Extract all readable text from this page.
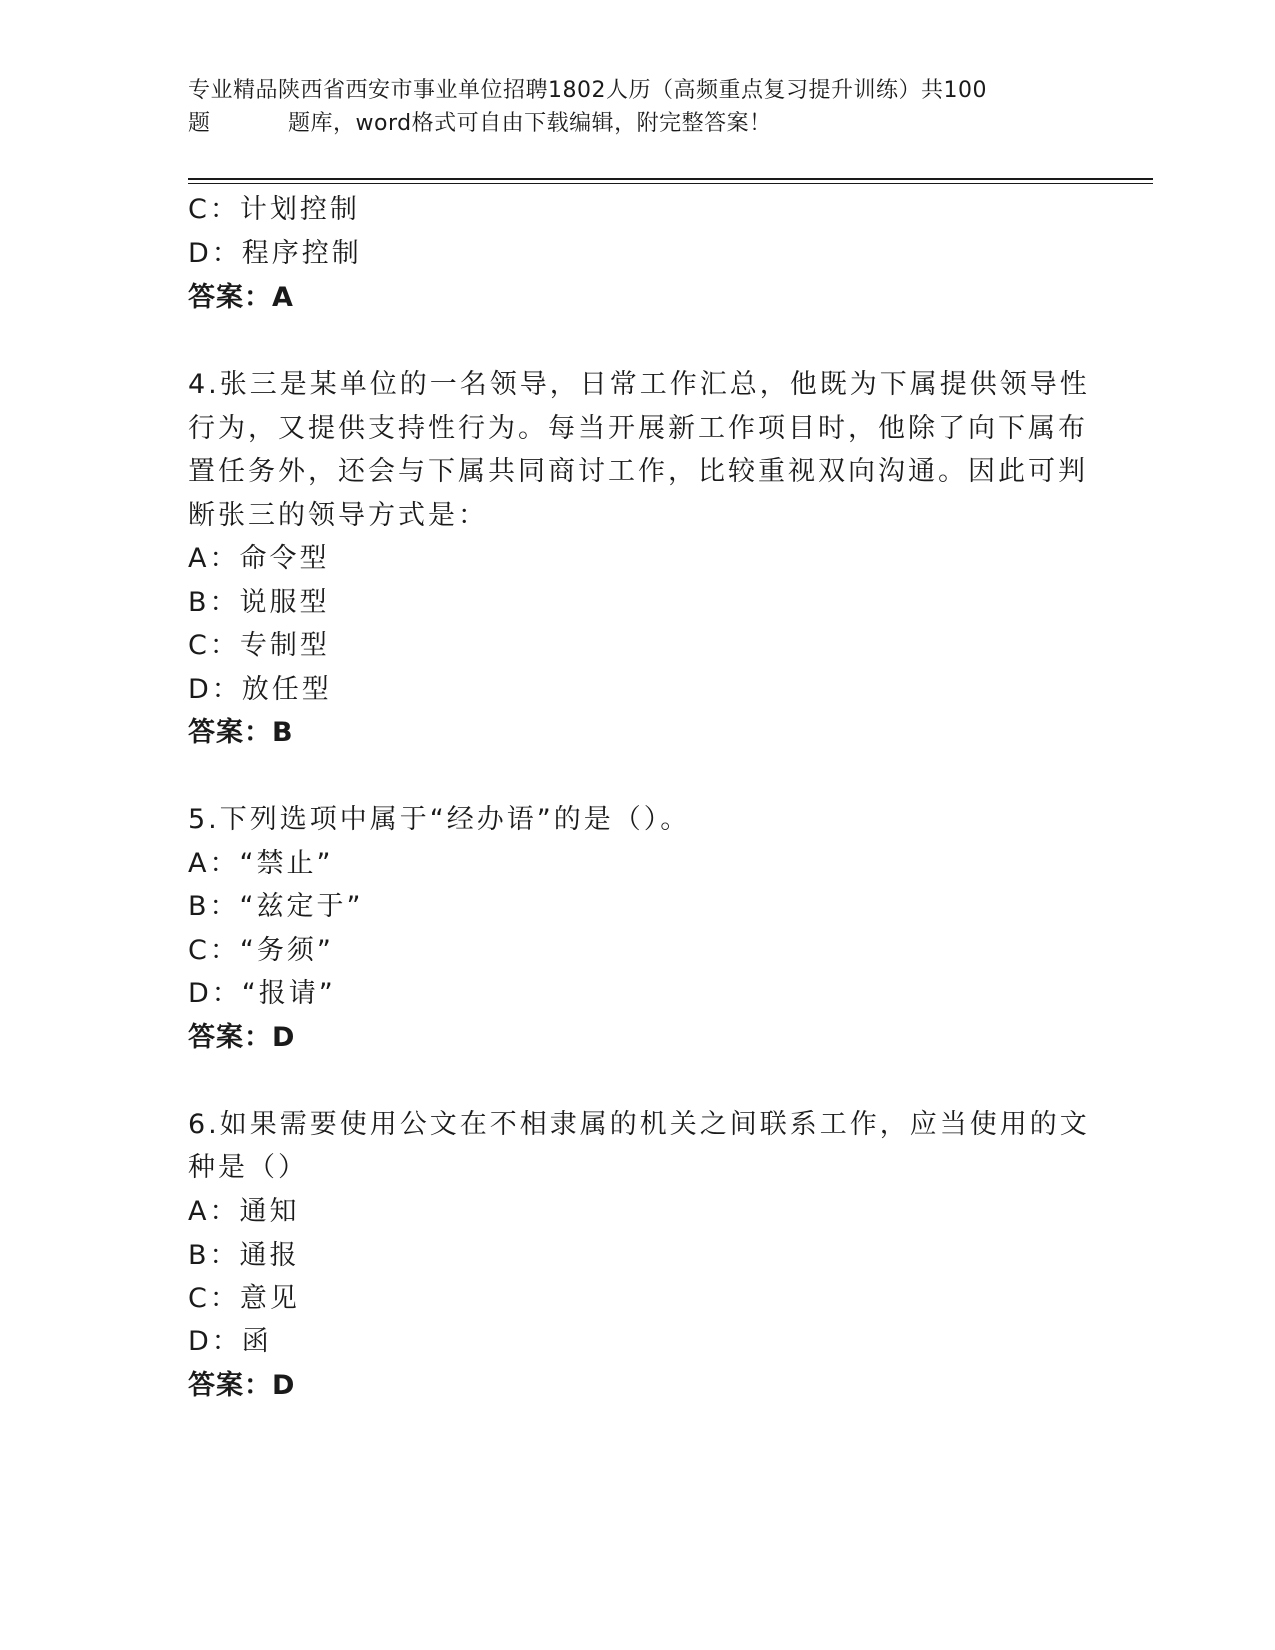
专业精品陕西省西安市事业单位招聘1802人历（高频重点复习提升训练）共100
题	题库，word格式可自由下载编辑，附完整答案！
C：计划控制
D：程序控制
答案：A
4.张三是某单位的一名领导，日常工作汇总，他既为下属提供领导性
行为，又提供支持性行为。每当开展新工作项目时，他除了向下属布
置任务外，还会与下属共同商讨工作，比较重视双向沟通。因此可判
断张三的领导方式是：
A：命令型
B：说服型
C：专制型
D：放任型
答案：B
5.下列选项中属于“经办语”的是（）。
A：“禁止”
B：“兹定于”
C：“务须”
D：“报请”
答案：D
6.如果需要使用公文在不相隶属的机关之间联系工作，应当使用的文
种是（）
A：通知
B：通报
C：意见
D：函
答案：D
